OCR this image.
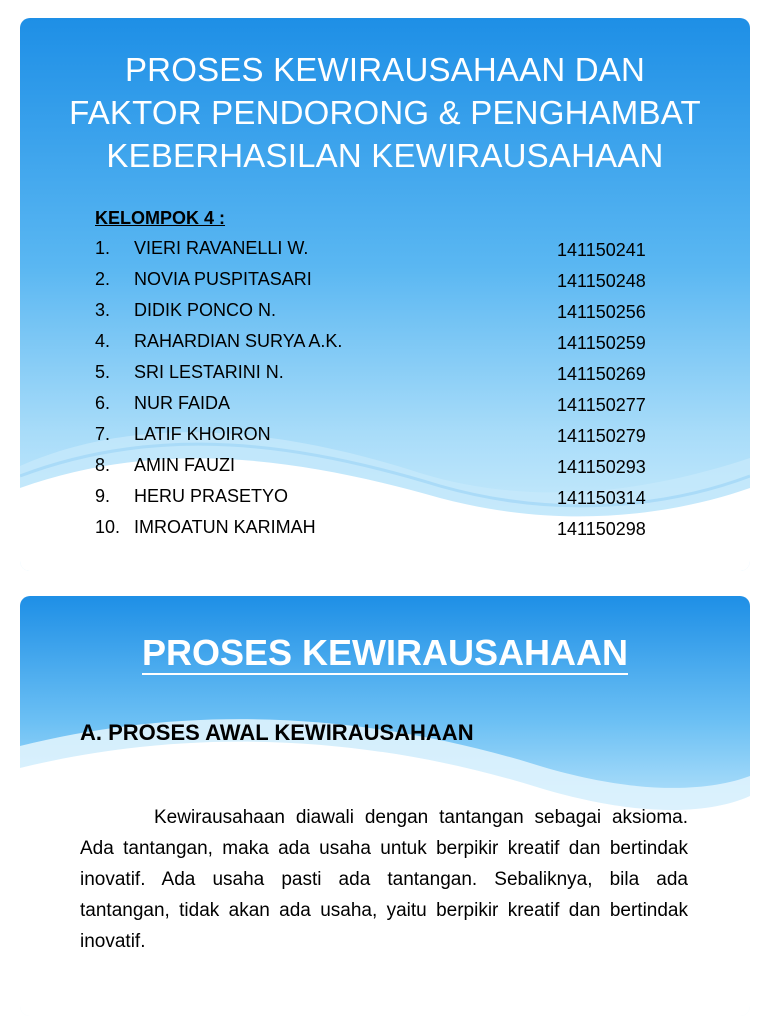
PROSES KEWIRAUSAHAAN DAN
FAKTOR PENDORONG & PENGHAMBAT
KEBERHASILAN KEWIRAUSAHAAN
KELOMPOK 4 :
1. VIERI RAVANELLI W.	141150241
2. NOVIA PUSPITASARI	141150248
3. DIDIK PONCO N.	141150256
4. RAHARDIAN SURYA A.K.	141150259
5. SRI LESTARINI N.	141150269
6. NUR FAIDA	141150277
7. LATIF KHOIRON	141150279
8. AMIN FAUZI	141150293
9. HERU PRASETYO	141150314
10. IMROATUN KARIMAH	141150298
PROSES KEWIRAUSAHAAN
A. PROSES AWAL KEWIRAUSAHAAN
Kewirausahaan diawali dengan tantangan sebagai aksioma. Ada tantangan, maka ada usaha untuk berpikir kreatif dan bertindak inovatif. Ada usaha pasti ada tantangan. Sebaliknya, bila ada tantangan, tidak akan ada usaha, yaitu berpikir kreatif dan bertindak inovatif.
